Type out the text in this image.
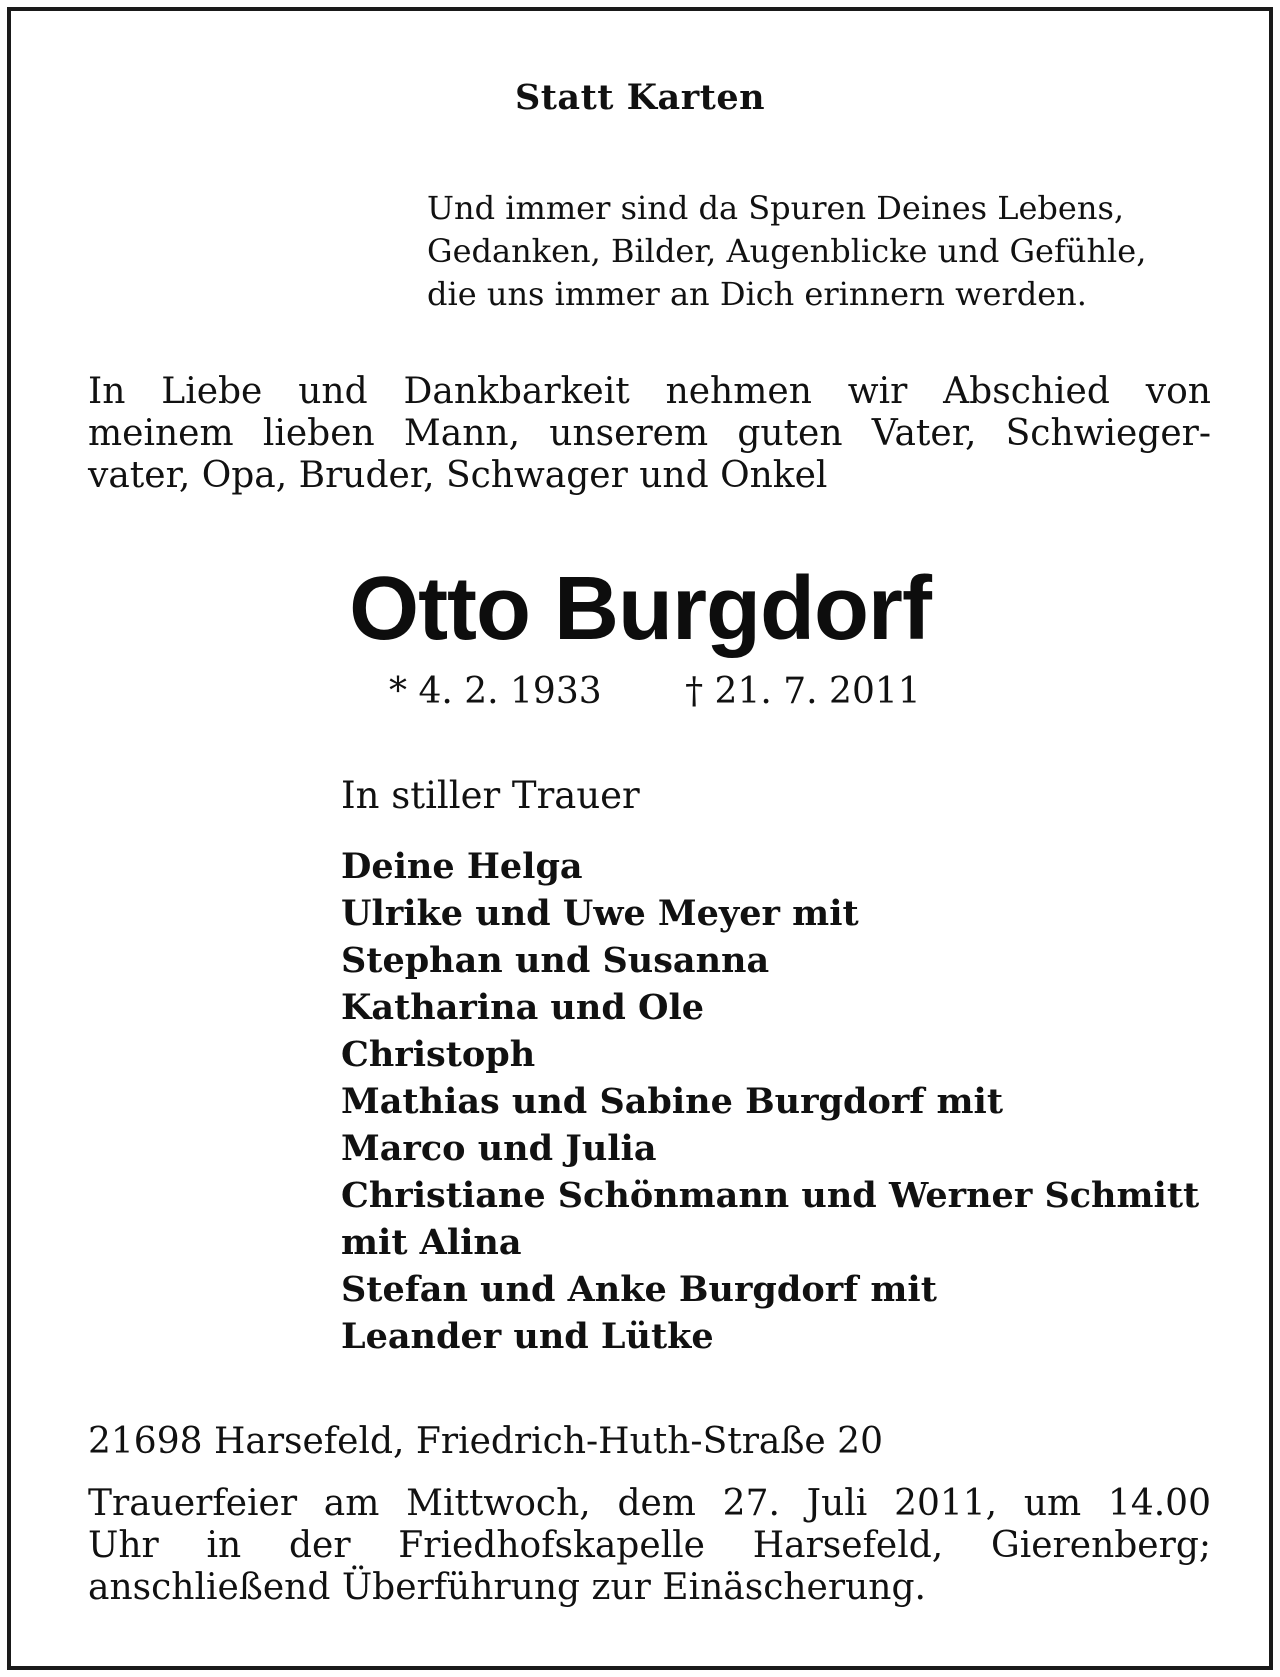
Statt Karten
Und immer sind da Spuren Deines Lebens,
Gedanken, Bilder, Augenblicke und Gefühle,
die uns immer an Dich erinnern werden.
In Liebe und Dankbarkeit nehmen wir Abschied von
meinem lieben Mann, unserem guten Vater, Schwieger-
vater, Opa, Bruder, Schwager und Onkel
Otto Burgdorf
* 4. 2. 1933 † 21. 7. 2011
In stiller Trauer
Deine Helga
Ulrike und Uwe Meyer mit
Stephan und Susanna
Katharina und Ole
Christoph
Mathias und Sabine Burgdorf mit
Marco und Julia
Christiane Schönmann und Werner Schmitt
mit Alina
Stefan und Anke Burgdorf mit
Leander und Lütke
21698 Harsefeld, Friedrich-Huth-Straße 20
Trauerfeier am Mittwoch, dem 27. Juli 2011, um 14.00
Uhr in der Friedhofskapelle Harsefeld, Gierenberg;
anschließend Überführung zur Einäscherung.
